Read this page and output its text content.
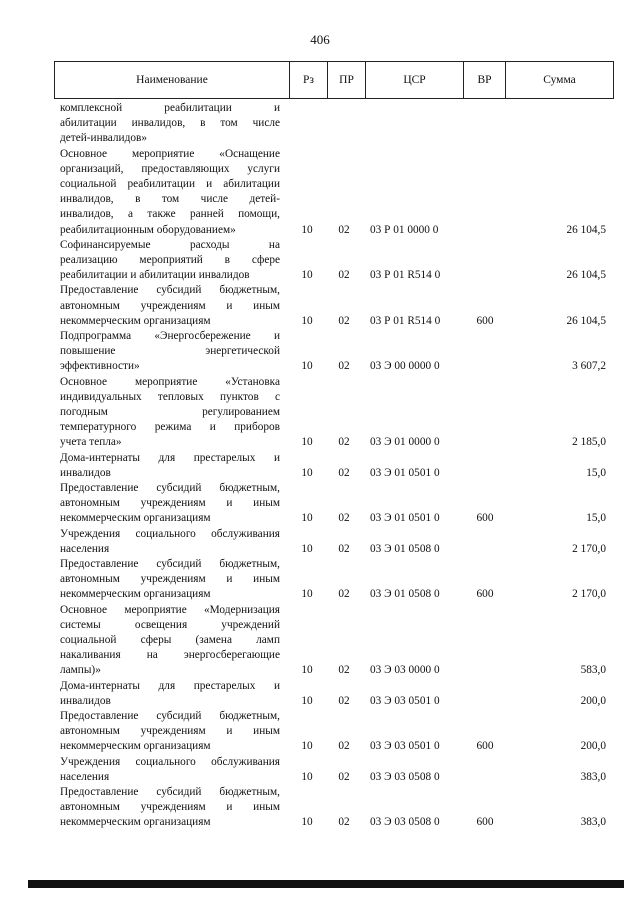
406
Наименование	Рз	ПР	ЦСР	ВР	Сумма
комплексной реабилитации и
абилитации инвалидов, в том числе
детей-инвалидов»
Основное мероприятие «Оснащение
организаций, предоставляющих услуги
социальной реабилитации и абилитации
инвалидов, в том числе детей-
инвалидов, а также ранней помощи,
реабилитационным оборудованием»	10	02	03 Р 01 0000 0	26 104,5
Софинансируемые расходы на
реализацию мероприятий в сфере
реабилитации и абилитации инвалидов	10	02	03 Р 01 R514 0	26 104,5
Предоставление субсидий бюджетным,
автономным учреждениям и иным
некоммерческим организациям	10	02	03 Р 01 R514 0	600	26 104,5
Подпрограмма «Энергосбережение и
повышение энергетической
эффективности»	10	02	03 Э 00 0000 0	3 607,2
Основное мероприятие «Установка
индивидуальных тепловых пунктов с
погодным регулированием
температурного режима и приборов
учета тепла»	10	02	03 Э 01 0000 0	2 185,0
Дома-интернаты для престарелых и
инвалидов	10	02	03 Э 01 0501 0	15,0
Предоставление субсидий бюджетным,
автономным учреждениям и иным
некоммерческим организациям	10	02	03 Э 01 0501 0	600	15,0
Учреждения социального обслуживания
населения	10	02	03 Э 01 0508 0	2 170,0
Предоставление субсидий бюджетным,
автономным учреждениям и иным
некоммерческим организациям	10	02	03 Э 01 0508 0	600	2 170,0
Основное мероприятие «Модернизация
системы освещения учреждений
социальной сферы (замена ламп
накаливания на энергосберегающие
лампы)»	10	02	03 Э 03 0000 0	583,0
Дома-интернаты для престарелых и
инвалидов	10	02	03 Э 03 0501 0	200,0
Предоставление субсидий бюджетным,
автономным учреждениям и иным
некоммерческим организациям	10	02	03 Э 03 0501 0	600	200,0
Учреждения социального обслуживания
населения	10	02	03 Э 03 0508 0	383,0
Предоставление субсидий бюджетным,
автономным учреждениям и иным
некоммерческим организациям	10	02	03 Э 03 0508 0	600	383,0
